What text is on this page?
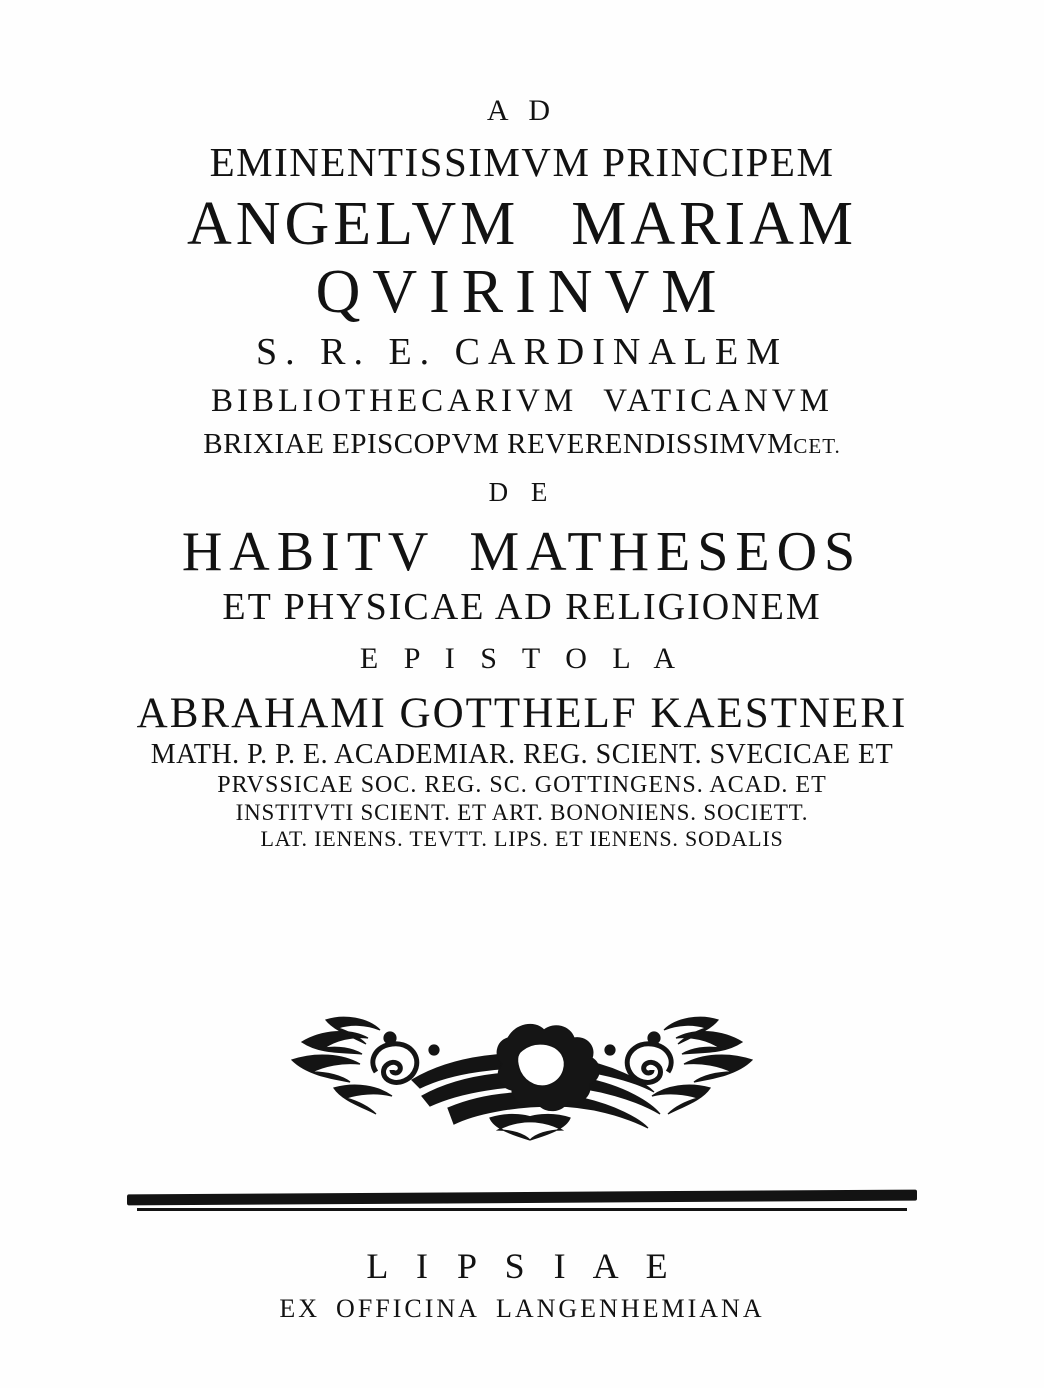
A D
EMINENTISSIMVM PRINCIPEM
ANGELVM MARIAM
QVIRINVM
S. R. E. CARDINALEM
BIBLIOTHECARIVM VATICANVM
BRIXIAE EPISCOPVM REVERENDISSIMVMCET.
D E
HABITV MATHESEOS
ET PHYSICAE AD RELIGIONEM
E P I S T O L A
ABRAHAMI GOTTHELF KAESTNERI
MATH. P. P. E. ACADEMIAR. REG. SCIENT. SVECICAE ET
PRVSSICAE SOC. REG. SC. GOTTINGENS. ACAD. ET
INSTITVTI SCIENT. ET ART. BONONIENS. SOCIETT.
LAT. IENENS. TEVTT. LIPS. ET IENENS. SODALIS
L I P S I A E
EX OFFICINA LANGENHEMIANA
